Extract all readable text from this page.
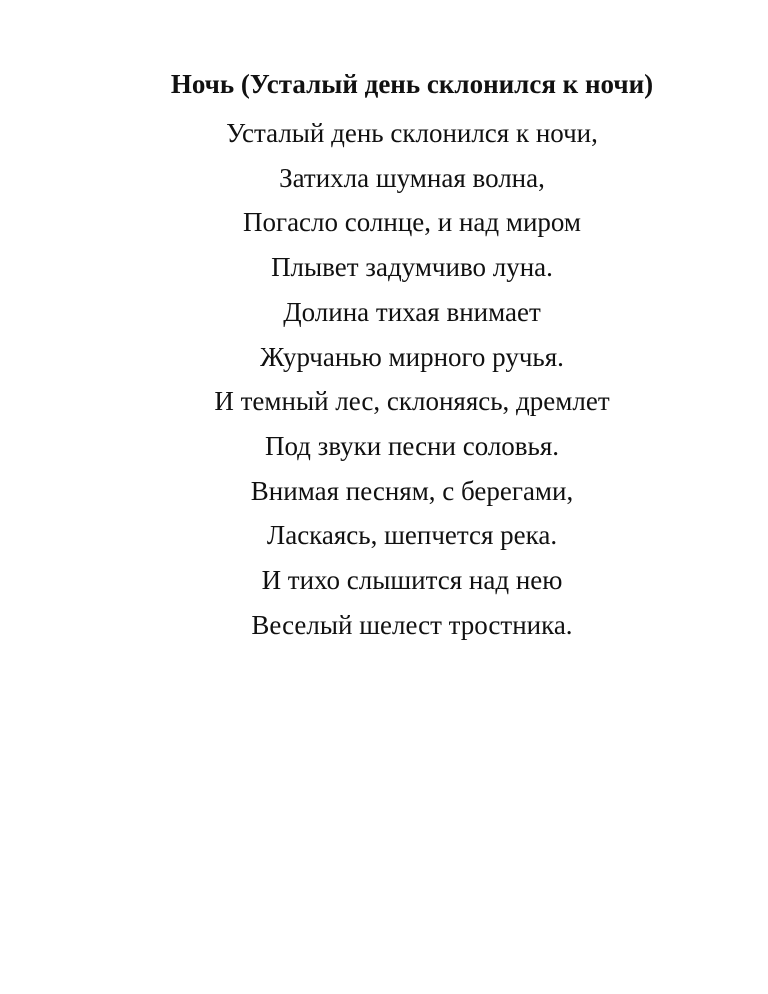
Ночь (Усталый день склонился к ночи)
Усталый день склонился к ночи,
Затихла шумная волна,
Погасло солнце, и над миром
Плывет задумчиво луна.
Долина тихая внимает
Журчанью мирного ручья.
И темный лес, склоняясь, дремлет
Под звуки песни соловья.
Внимая песням, с берегами,
Ласкаясь, шепчется река.
И тихо слышится над нею
Веселый шелест тростника.
